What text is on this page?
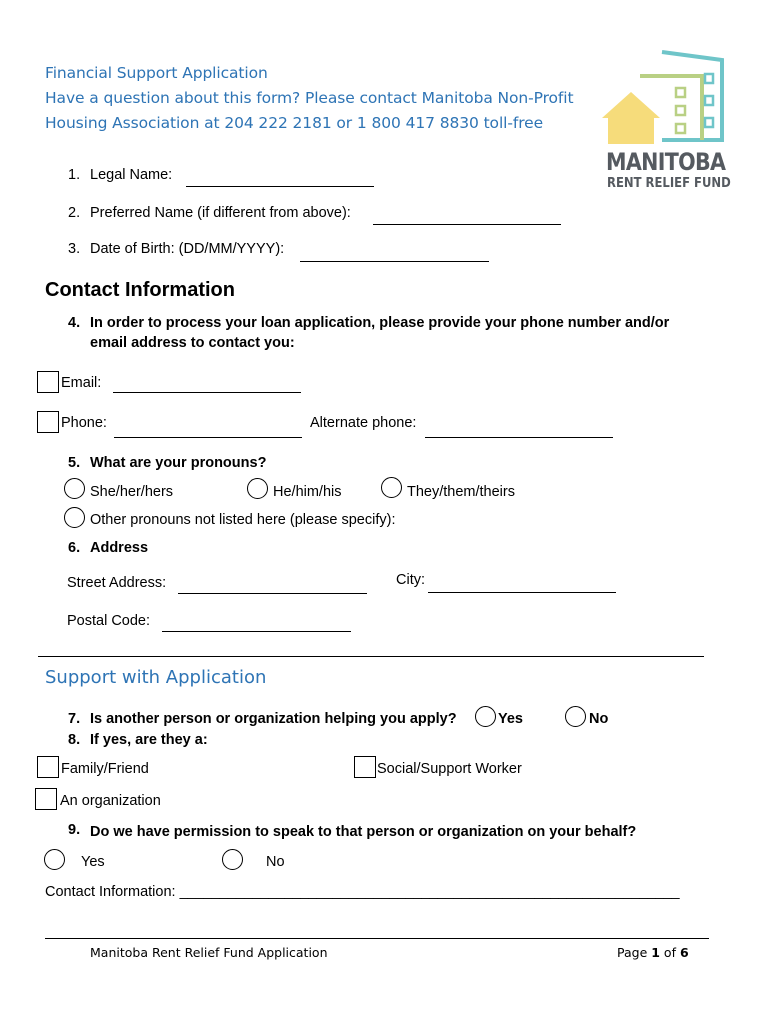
Financial Support Application
Have a question about this form? Please contact Manitoba Non-Profit
Housing Association at 204 222 2181 or 1 800 417 8830 toll-free
MANITOBA
RENT RELIEF FUND
1. Legal Name:
2. Preferred Name (if different from above):
3. Date of Birth: (DD/MM/YYYY):
Contact Information
4. In order to process your loan application, please provide your phone number and/or
email address to contact you:
Email:
Phone:	Alternate phone:
5. What are your pronouns?
She/her/hers	He/him/his	They/them/theirs
Other pronouns not listed here (please specify):
6. Address
Street Address:	City:
Postal Code:
Support with Application
7. Is another person or organization helping you apply?	Yes	No
8. If yes, are they a:
Family/Friend	Social/Support Worker
An organization
9. Do we have permission to speak to that person or organization on your behalf?
Yes	No
Contact Information: ______________________________________________________________
Manitoba Rent Relief Fund Application	Page 1 of 6
